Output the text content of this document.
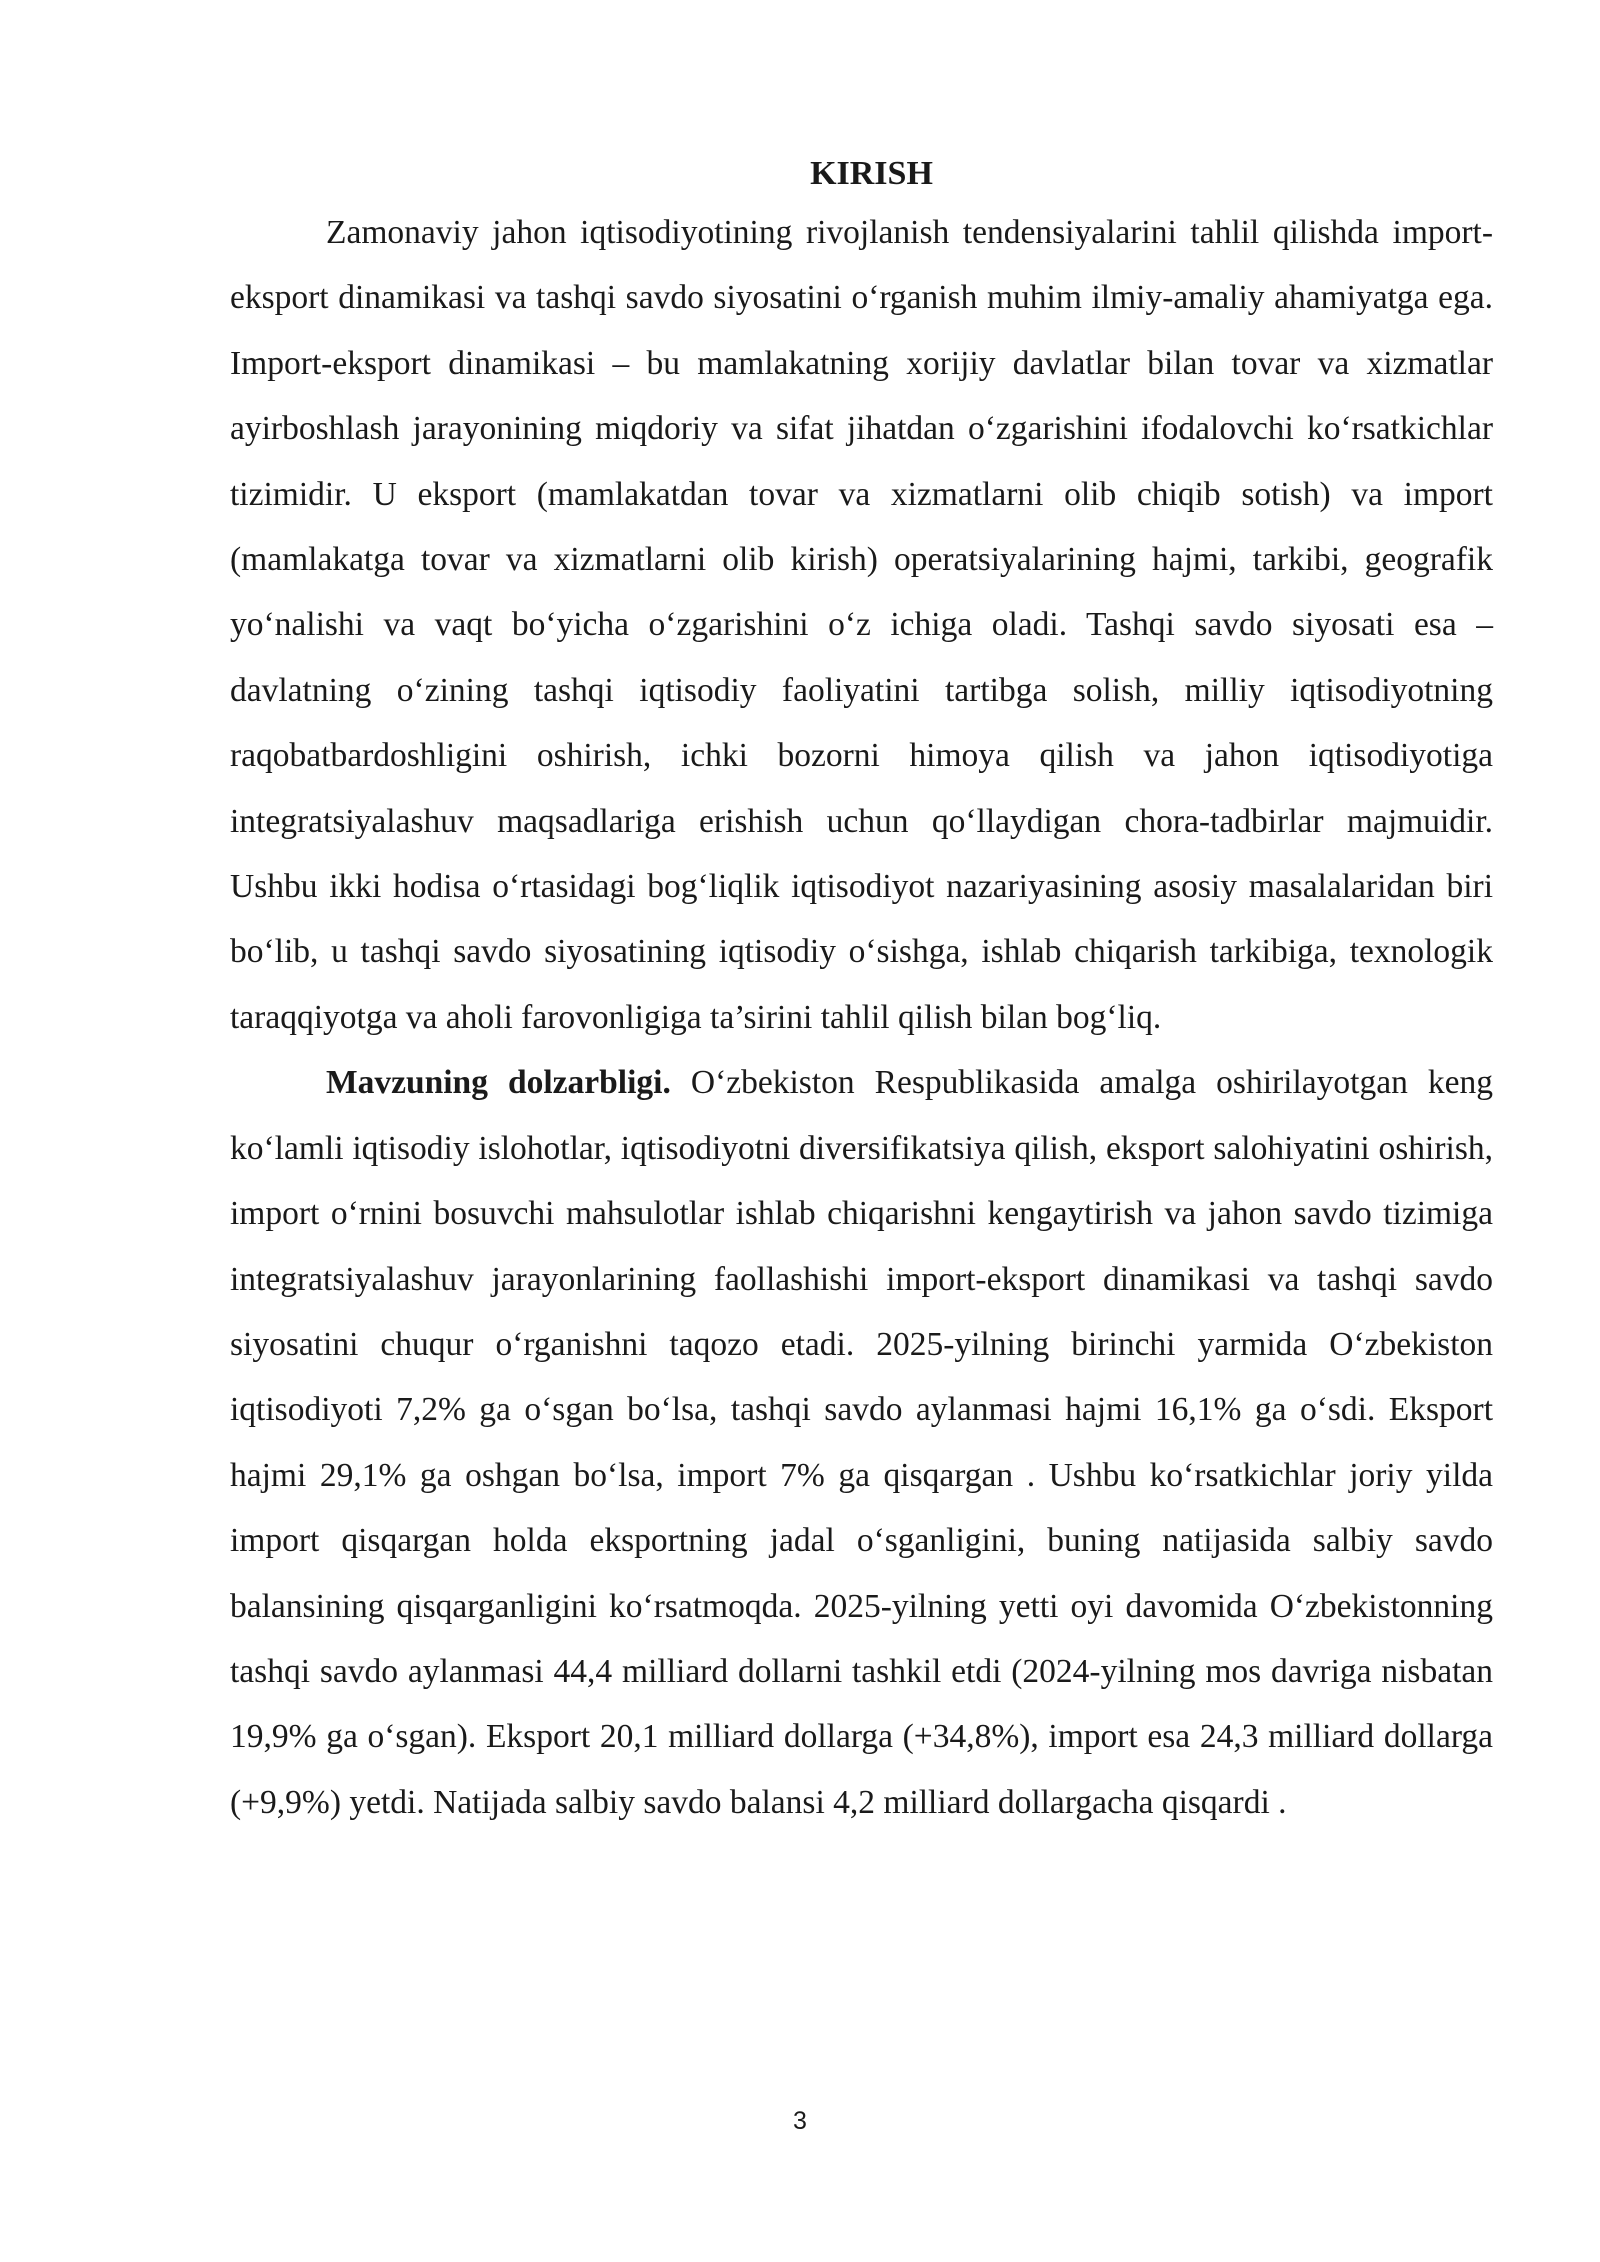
KIRISH

Zamonaviy jahon iqtisodiyotining rivojlanish tendensiyalarini tahlil qilishda import-eksport dinamikasi va tashqi savdo siyosatini o‘rganish muhim ilmiy-amaliy ahamiyatga ega. Import-eksport dinamikasi – bu mamlakatning xorijiy davlatlar bilan tovar va xizmatlar ayirboshlash jarayonining miqdoriy va sifat jihatdan o‘zgarishini ifodalovchi ko‘rsatkichlar tizimidir. U eksport (mamlakatdan tovar va xizmatlarni olib chiqib sotish) va import (mamlakatga tovar va xizmatlarni olib kirish) operatsiyalarining hajmi, tarkibi, geografik yo‘nalishi va vaqt bo‘yicha o‘zgarishini o‘z ichiga oladi. Tashqi savdo siyosati esa – davlatning o‘zining tashqi iqtisodiy faoliyatini tartibga solish, milliy iqtisodiyotning raqobatbardoshligini oshirish, ichki bozorni himoya qilish va jahon iqtisodiyotiga integratsiyalashuv maqsadlariga erishish uchun qo‘llaydigan chora-tadbirlar majmuidir. Ushbu ikki hodisa o‘rtasidagi bog‘liqlik iqtisodiyot nazariyasining asosiy masalalaridan biri bo‘lib, u tashqi savdo siyosatining iqtisodiy o‘sishga, ishlab chiqarish tarkibiga, texnologik taraqqiyotga va aholi farovonligiga ta’sirini tahlil qilish bilan bog‘liq.

Mavzuning dolzarbligi. O‘zbekiston Respublikasida amalga oshirilayotgan keng ko‘lamli iqtisodiy islohotlar, iqtisodiyotni diversifikatsiya qilish, eksport salohiyatini oshirish, import o‘rnini bosuvchi mahsulotlar ishlab chiqarishni kengaytirish va jahon savdo tizimiga integratsiyalashuv jarayonlarining faollashishi import-eksport dinamikasi va tashqi savdo siyosatini chuqur o‘rganishni taqozo etadi. 2025-yilning birinchi yarmida O‘zbekiston iqtisodiyoti 7,2% ga o‘sgan bo‘lsa, tashqi savdo aylanmasi hajmi 16,1% ga o‘sdi. Eksport hajmi 29,1% ga oshgan bo‘lsa, import 7% ga qisqargan . Ushbu ko‘rsatkichlar joriy yilda import qisqargan holda eksportning jadal o‘sganligini, buning natijasida salbiy savdo balansining qisqarganligini ko‘rsatmoqda. 2025-yilning yetti oyi davomida O‘zbekistonning tashqi savdo aylanmasi 44,4 milliard dollarni tashkil etdi (2024-yilning mos davriga nisbatan 19,9% ga o‘sgan). Eksport 20,1 milliard dollarga (+34,8%), import esa 24,3 milliard dollarga (+9,9%) yetdi. Natijada salbiy savdo balansi 4,2 milliard dollargacha qisqardi .

3
